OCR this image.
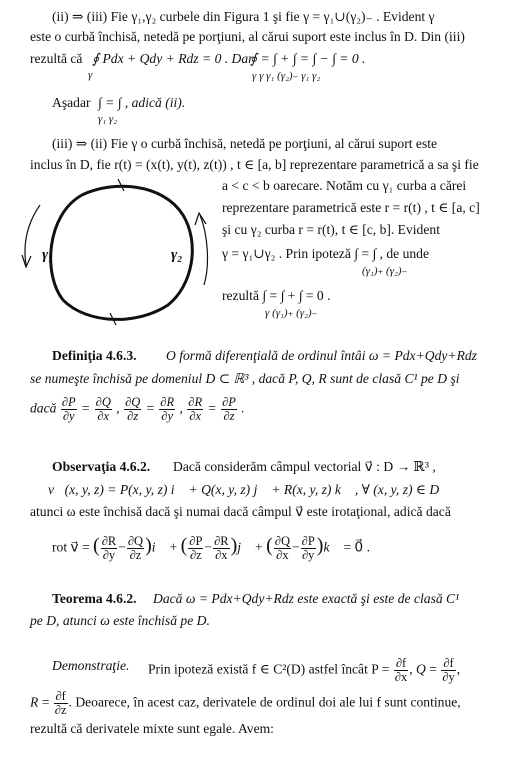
(ii) ⇒ (iii) Fie γ₁,γ₂ curbele din Figura 1 şi fie γ = γ₁∪(γ₂)₋ . Evident γ
este o curbă închisă, netedă pe porţiuni, al cărui suport este inclus în D. Din (iii)
rezultă că ∮ Pdx + Qdy + Rdz = 0 . Dar
∮ = ∫ + ∫ = ∫ − ∫ = 0 .
γ γ γ₁ (γ₂)₋ γ₁ γ₂
γ
Aşadar ∫ = ∫ , adică (ii).
γ₁ γ₂
(iii) ⇒ (ii) Fie γ o curbă închisă, netedă pe porţiuni, al cărui suport este
inclus în D, fie r(t) = (x(t), y(t), z(t)) , t ∈ [a, b] reprezentare parametrică a sa şi fie
a < c < b oarecare. Notăm cu γ₁ curba a cărei
reprezentare parametrică este r = r(t) , t ∈ [a, c]
şi cu γ₂ curba r = r(t), t ∈ [c, b]. Evident
γ = γ₁∪γ₂ . Prin ipoteză ∫ = ∫ , de unde
(γ₁)₊ (γ₂)₋
rezultă ∫ = ∫ + ∫ = 0 .
γ (γ₁)₊ (γ₂)₋
γ₁	γ₂
Definiţia 4.6.3. O formă diferenţială de ordinul întâi ω = Pdx+Qdy+Rdz
se numeşte închisă pe domeniul D ⊂ ℝ³ , dacă P, Q, R sunt de clasă C¹ pe D şi
dacă $\frac{\partial P}{\partial y} = \frac{\partial Q}{\partial x}$ , $\frac{\partial Q}{\partial z} = \frac{\partial R}{\partial y}$ , $\frac{\partial R}{\partial x} = \frac{\partial P}{\partial z}$ .
Observaţia 4.6.2. Dacă considerăm câmpul vectorial v⃗ : D → ℝ³ ,
v⃗(x, y, z) = P(x, y, z) i⃗ + Q(x, y, z) j⃗ + R(x, y, z) k⃗ , ∀ (x, y, z) ∈ D
atunci ω este închisă dacă şi numai dacă câmpul v⃗ este irotaţional, adică dacă
rot v⃗ = ( $\frac{\partial R}{\partial y} - \frac{\partial Q}{\partial z}$ )i⃗ + ( $\frac{\partial P}{\partial z} - \frac{\partial R}{\partial x}$ )j⃗ + ( $\frac{\partial Q}{\partial x} - \frac{\partial P}{\partial y}$ )k⃗ = 0⃗ .
Teorema 4.6.2. Dacă ω = Pdx+Qdy+Rdz este exactă şi este de clasă C¹
pe D, atunci ω este închisă pe D.
Demonstraţie. Prin ipoteză există f ∈ C²(D) astfel încât $P = \frac{\partial f}{\partial x}$ , $Q = \frac{\partial f}{\partial y}$ ,
$R = \frac{\partial f}{\partial z}$ . Deoarece, în acest caz, derivatele de ordinul doi ale lui f sunt continue,
rezultă că derivatele mixte sunt egale. Avem:
